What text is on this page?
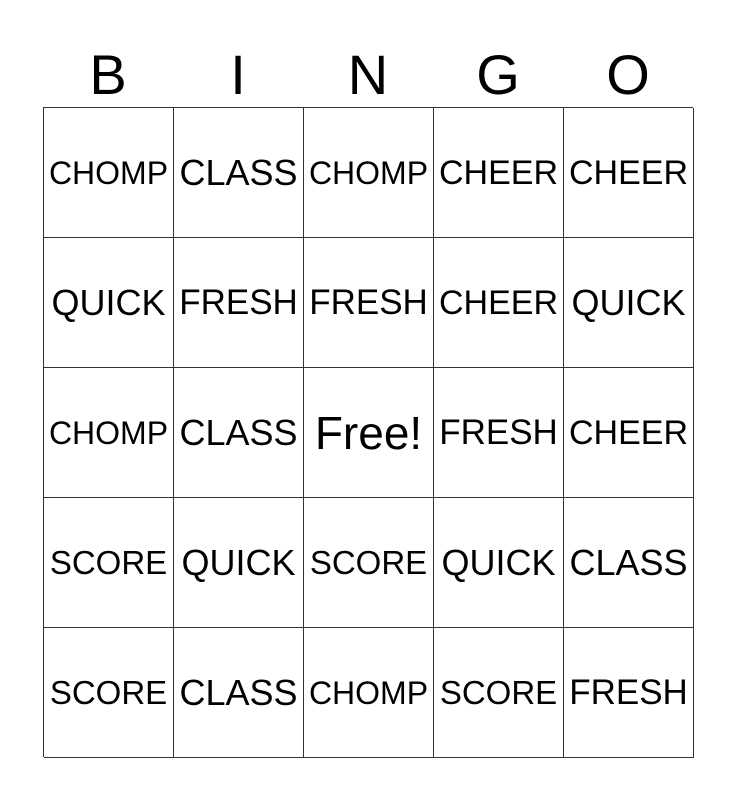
B	I	N	G	O
CHOMP CLASS CHOMP CHEER CHEER
QUICK FRESH FRESH CHEER QUICK
CHOMP CLASS Free! FRESH CHEER
SCORE QUICK SCORE QUICK CLASS
SCORE CLASS CHOMP SCORE FRESH
